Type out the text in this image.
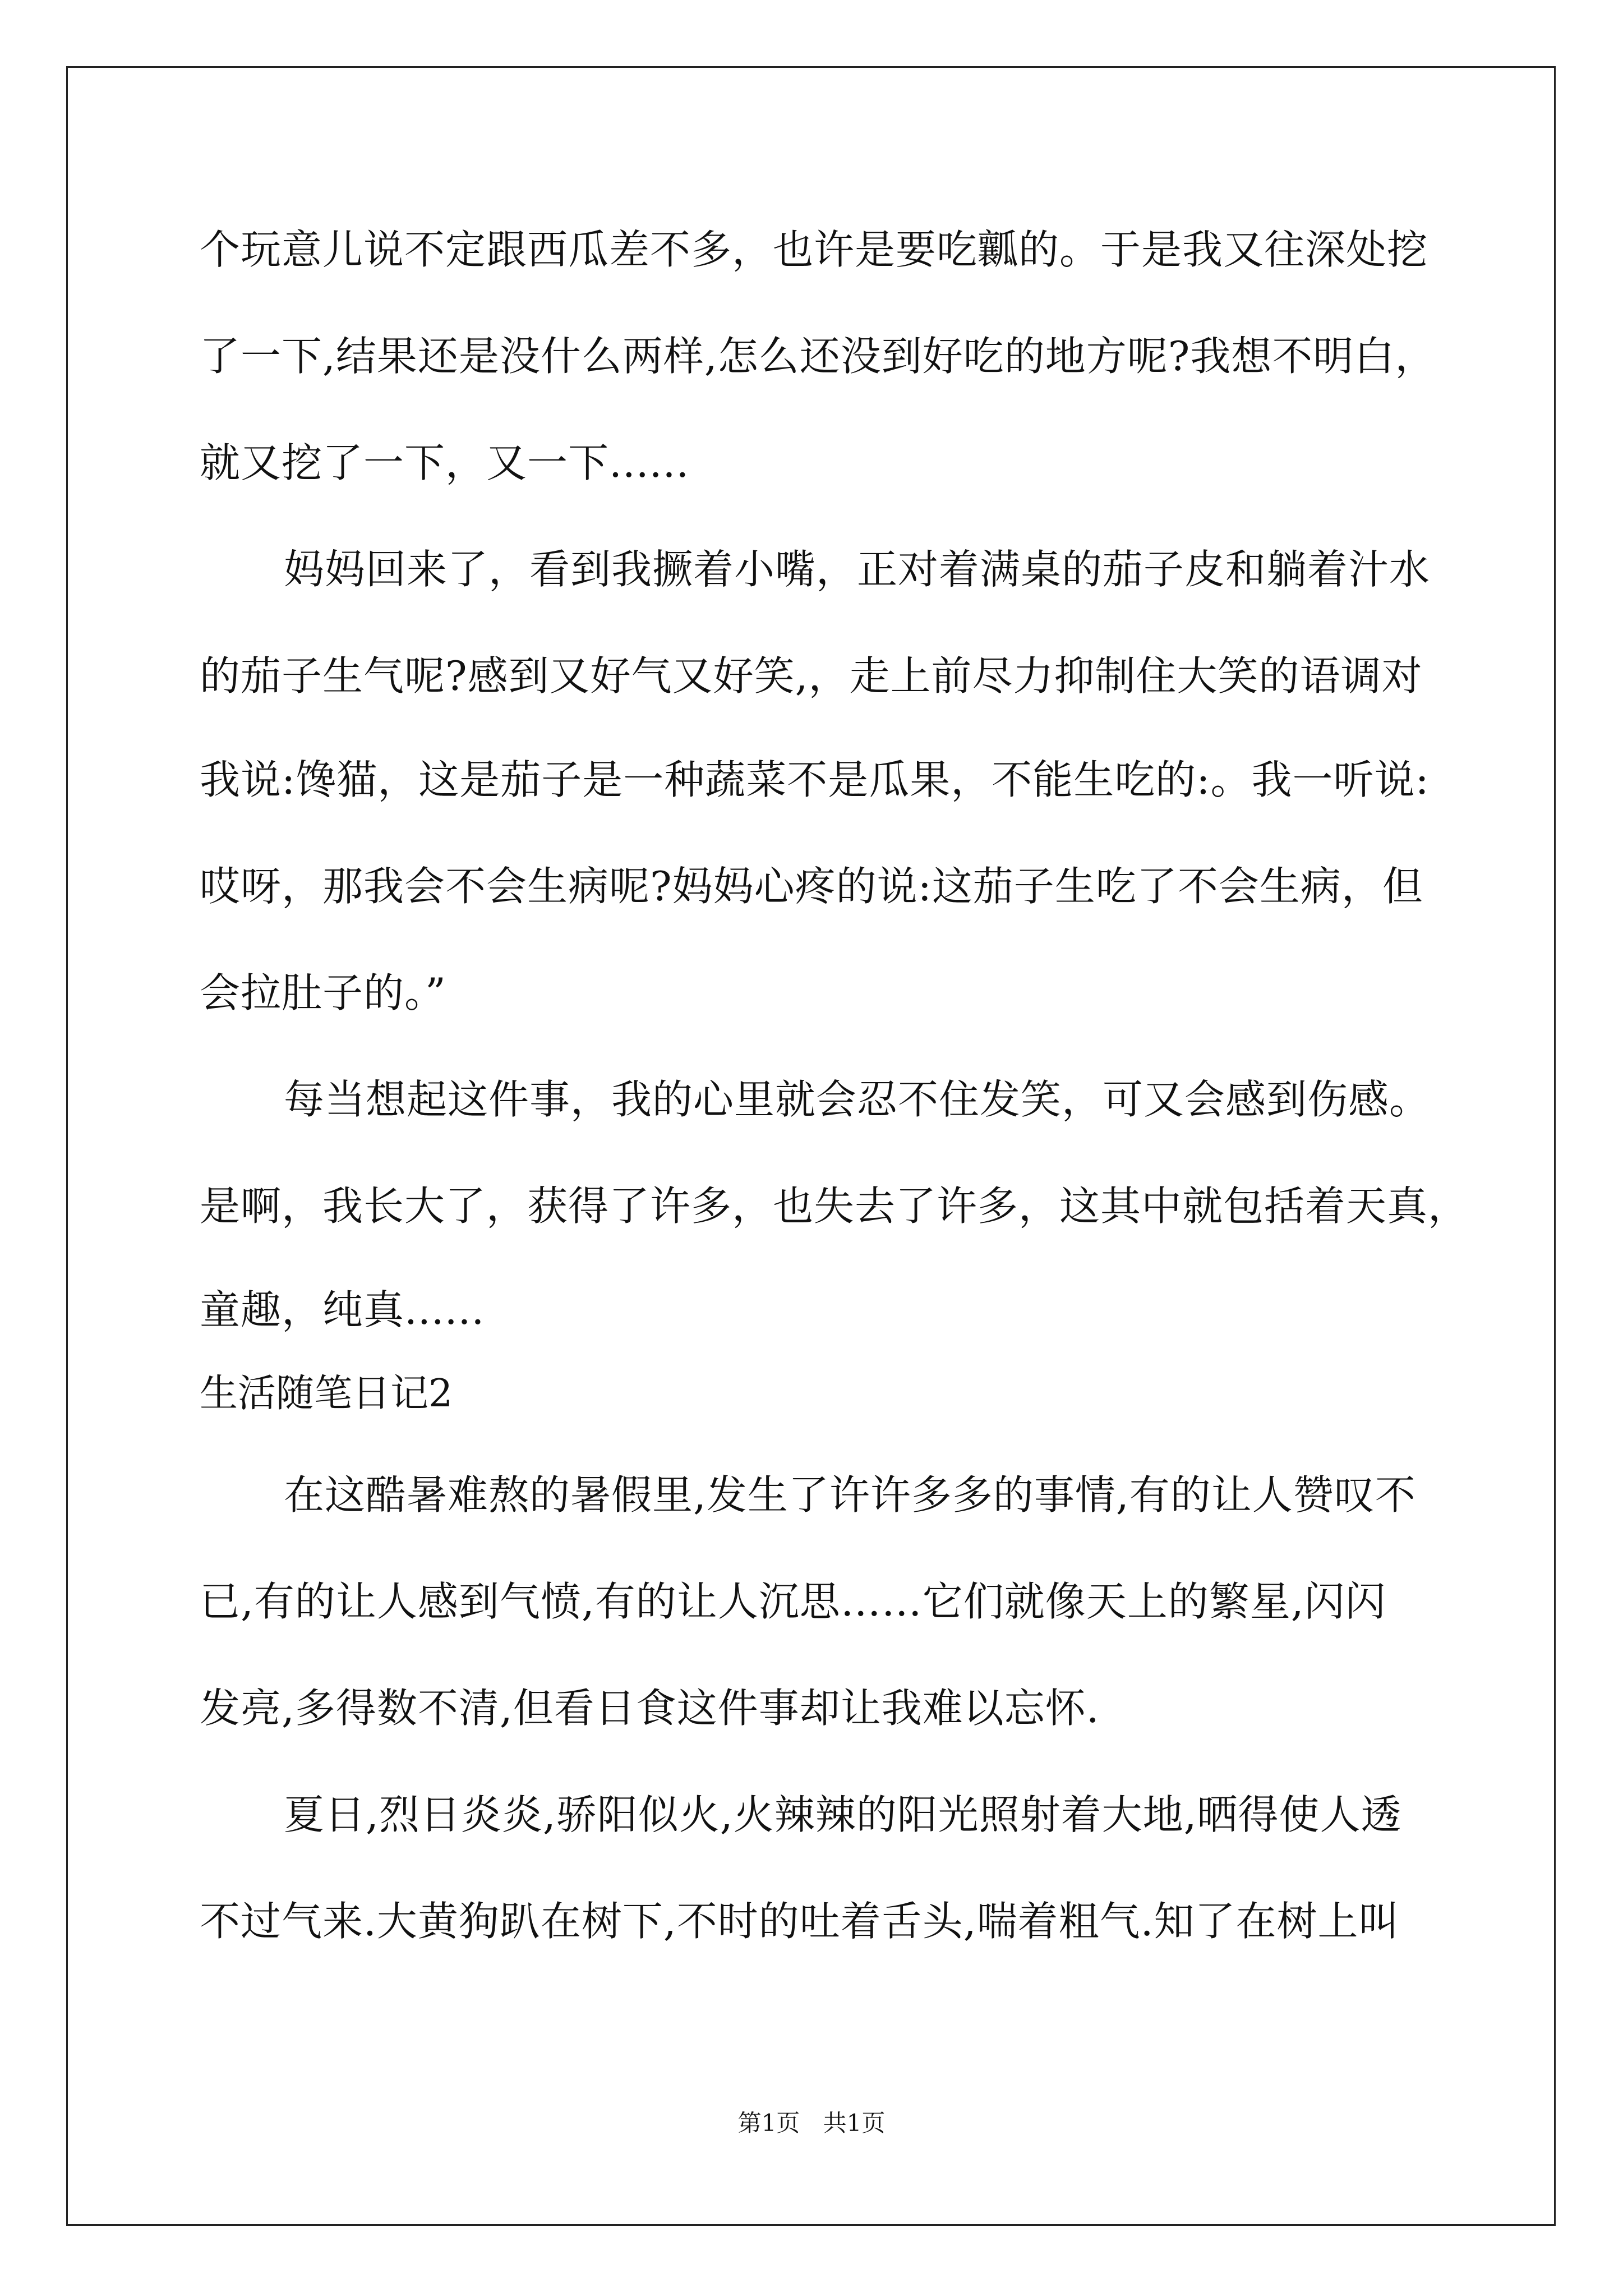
个玩意儿说不定跟西瓜差不多，也许是要吃瓤的。于是我又往深处挖
了一下,结果还是没什么两样,怎么还没到好吃的地方呢?我想不明白，
就又挖了一下，又一下......
妈妈回来了，看到我撅着小嘴，正对着满桌的茄子皮和躺着汁水
的茄子生气呢?感到又好气又好笑,，走上前尽力抑制住大笑的语调对
我说:馋猫，这是茄子是一种蔬菜不是瓜果，不能生吃的:。我一听说:
哎呀，那我会不会生病呢?妈妈心疼的说:这茄子生吃了不会生病，但
会拉肚子的。”
每当想起这件事，我的心里就会忍不住发笑，可又会感到伤感。
是啊，我长大了，获得了许多，也失去了许多，这其中就包括着天真，
童趣，纯真......
生活随笔日记2
在这酷暑难熬的暑假里,发生了许许多多的事情,有的让人赞叹不
已,有的让人感到气愤,有的让人沉思……它们就像天上的繁星,闪闪
发亮,多得数不清,但看日食这件事却让我难以忘怀.
夏日,烈日炎炎,骄阳似火,火辣辣的阳光照射着大地,晒得使人透
不过气来.大黄狗趴在树下,不时的吐着舌头,喘着粗气.知了在树上叫
第1页 共1页
